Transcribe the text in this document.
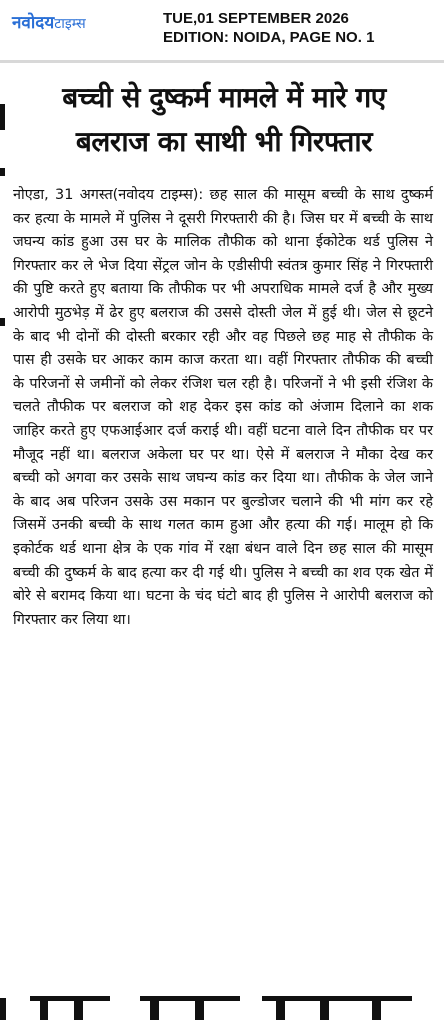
नवोदयटाइम्स	TUE,01 SEPTEMBER 2026
EDITION: NOIDA, PAGE NO. 1
बच्ची से दुष्कर्म मामले में मारे गए
बलराज का साथी भी गिरफ्तार

नोएडा, 31 अगस्त(नवोदय टाइम्स): छह साल की मासूम बच्ची के साथ दुष्कर्म कर हत्या के मामले में पुलिस ने दूसरी गिरफ्तारी की है। जिस घर में बच्ची के साथ जघन्य कांड हुआ उस घर के मालिक तौफीक को थाना ईकोटेक थर्ड पुलिस ने गिरफ्तार कर ले भेज दिया सेंट्रल जोन के एडीसीपी स्वंतत्र कुमार सिंह ने गिरफ्तारी की पुष्टि करते हुए बताया कि तौफीक पर भी अपराधिक मामले दर्ज है और मुख्य आरोपी मुठभेड़ में ढेर हुए बलराज की उससे दोस्ती जेल में हुई थी। जेल से छूटने के बाद भी दोनों की दोस्ती बरकार रही और वह पिछले छह माह से तौफीक के पास ही उसके घर आकर काम काज करता था। वहीं गिरफ्तार तौफीक की बच्ची के परिजनों से जमीनों को लेकर रंजिश चल रही है। परिजनों ने भी इसी रंजिश के चलते तौफीक पर बलराज को शह देकर इस कांड को अंजाम दिलाने का शक जाहिर करते हुए एफआईआर दर्ज कराई थी। वहीं घटना वाले दिन तौफीक घर पर मौजूद नहीं था। बलराज अकेला घर पर था। ऐसे में बलराज ने मौका देख कर बच्ची को अगवा कर उसके साथ जघन्य कांड कर दिया था। तौफीक के जेल जाने के बाद अब परिजन उसके उस मकान पर बुल्डोजर चलाने की भी मांग कर रहे जिसमें उनकी बच्ची के साथ गलत काम हुआ और हत्या की गई। मालूम हो कि इकोर्टक थर्ड थाना क्षेत्र के एक गांव में रक्षा बंधन वाले दिन छह साल की मासूम बच्ची की दुष्कर्म के बाद हत्या कर दी गई थी। पुलिस ने बच्ची का शव एक खेत में बोरे से बरामद किया था। घटना के चंद घंटो बाद ही पुलिस ने आरोपी बलराज को गिरफ्तार कर लिया था।
